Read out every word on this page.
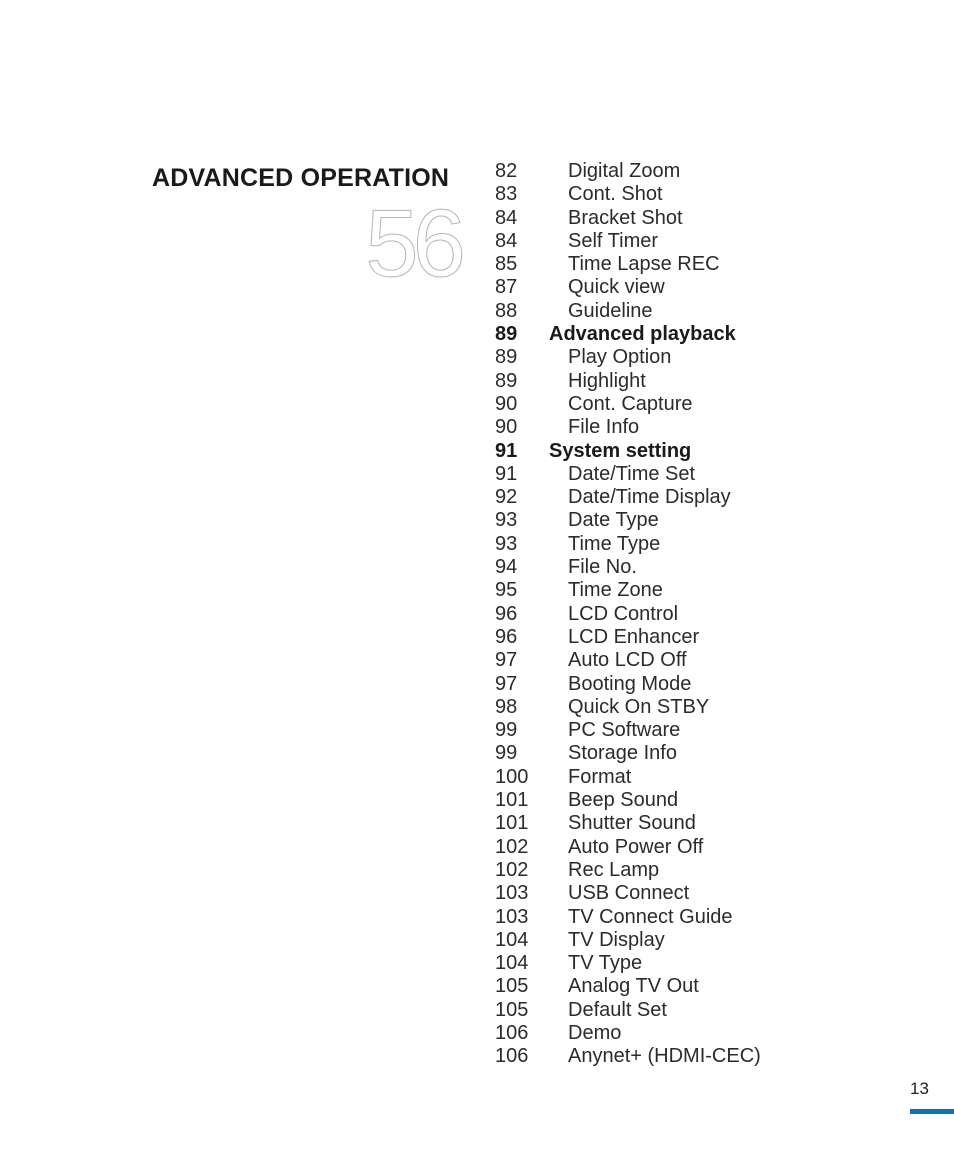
ADVANCED OPERATION
56
82	Digital Zoom
83	Cont. Shot
84	Bracket Shot
84	Self Timer
85	Time Lapse REC
87	Quick view
88	Guideline
89 Advanced playback
89	Play Option
89	Highlight
90	Cont. Capture
90	File Info
91 System setting
91	Date/Time Set
92	Date/Time Display
93	Date Type
93	Time Type
94	File No.
95	Time Zone
96	LCD Control
96	LCD Enhancer
97	Auto LCD Off
97	Booting Mode
98	Quick On STBY
99	PC Software
99	Storage Info
100 Format
101 Beep Sound
101 Shutter Sound
102 Auto Power Off
102 Rec Lamp
103 USB Connect
103 TV Connect Guide
104 TV Display
104 TV Type
105 Analog TV Out
105 Default Set
106 Demo
106 Anynet+ (HDMI-CEC)
13
